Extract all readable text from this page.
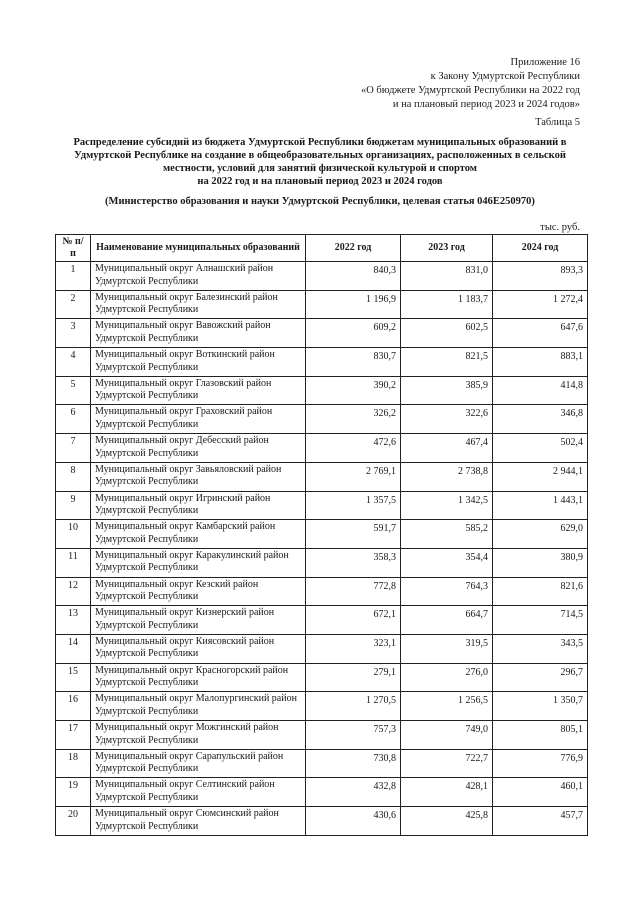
Приложение 16
к Закону Удмуртской Республики
«О бюджете Удмуртской Республики на 2022 год
и на плановый период 2023 и 2024 годов»
Таблица 5
Распределение субсидий из бюджета Удмуртской Республики бюджетам муниципальных образований в
Удмуртской Республике на создание в общеобразовательных организациях, расположенных в сельской
местности, условий для занятий физической культурой и спортом
на 2022 год и на плановый период 2023 и 2024 годов
(Министерство образования и науки Удмуртской Республики, целевая статья 046E250970)
тыс. руб.
№ п/п	Наименование муниципальных образований	2022 год	2023 год	2024 год
1	Муниципальный округ Алнашский район Удмуртской Республики	840,3	831,0	893,3
2	Муниципальный округ Балезинский район Удмуртской Республики	1 196,9	1 183,7	1 272,4
3	Муниципальный округ Вавожский район Удмуртской Республики	609,2	602,5	647,6
4	Муниципальный округ Воткинский район Удмуртской Республики	830,7	821,5	883,1
5	Муниципальный округ Глазовский район Удмуртской Республики	390,2	385,9	414,8
6	Муниципальный округ Граховский район Удмуртской Республики	326,2	322,6	346,8
7	Муниципальный округ Дебесский район Удмуртской Республики	472,6	467,4	502,4
8	Муниципальный округ Завьяловский район Удмуртской Республики	2 769,1	2 738,8	2 944,1
9	Муниципальный округ Игринский район Удмуртской Республики	1 357,5	1 342,5	1 443,1
10	Муниципальный округ Камбарский район Удмуртской Республики	591,7	585,2	629,0
11	Муниципальный округ Каракулинский район Удмуртской Республики	358,3	354,4	380,9
12	Муниципальный округ Кезский район Удмуртской Республики	772,8	764,3	821,6
13	Муниципальный округ Кизнерский район Удмуртской Республики	672,1	664,7	714,5
14	Муниципальный округ Киясовский район Удмуртской Республики	323,1	319,5	343,5
15	Муниципальный округ Красногорский район Удмуртской Республики	279,1	276,0	296,7
16	Муниципальный округ Малопургинский район Удмуртской Республики	1 270,5	1 256,5	1 350,7
17	Муниципальный округ Можгинский район Удмуртской Республики	757,3	749,0	805,1
18	Муниципальный округ Сарапульский район Удмуртской Республики	730,8	722,7	776,9
19	Муниципальный округ Селтинский район Удмуртской Республики	432,8	428,1	460,1
20	Муниципальный округ Сюмсинский район Удмуртской Республики	430,6	425,8	457,7
